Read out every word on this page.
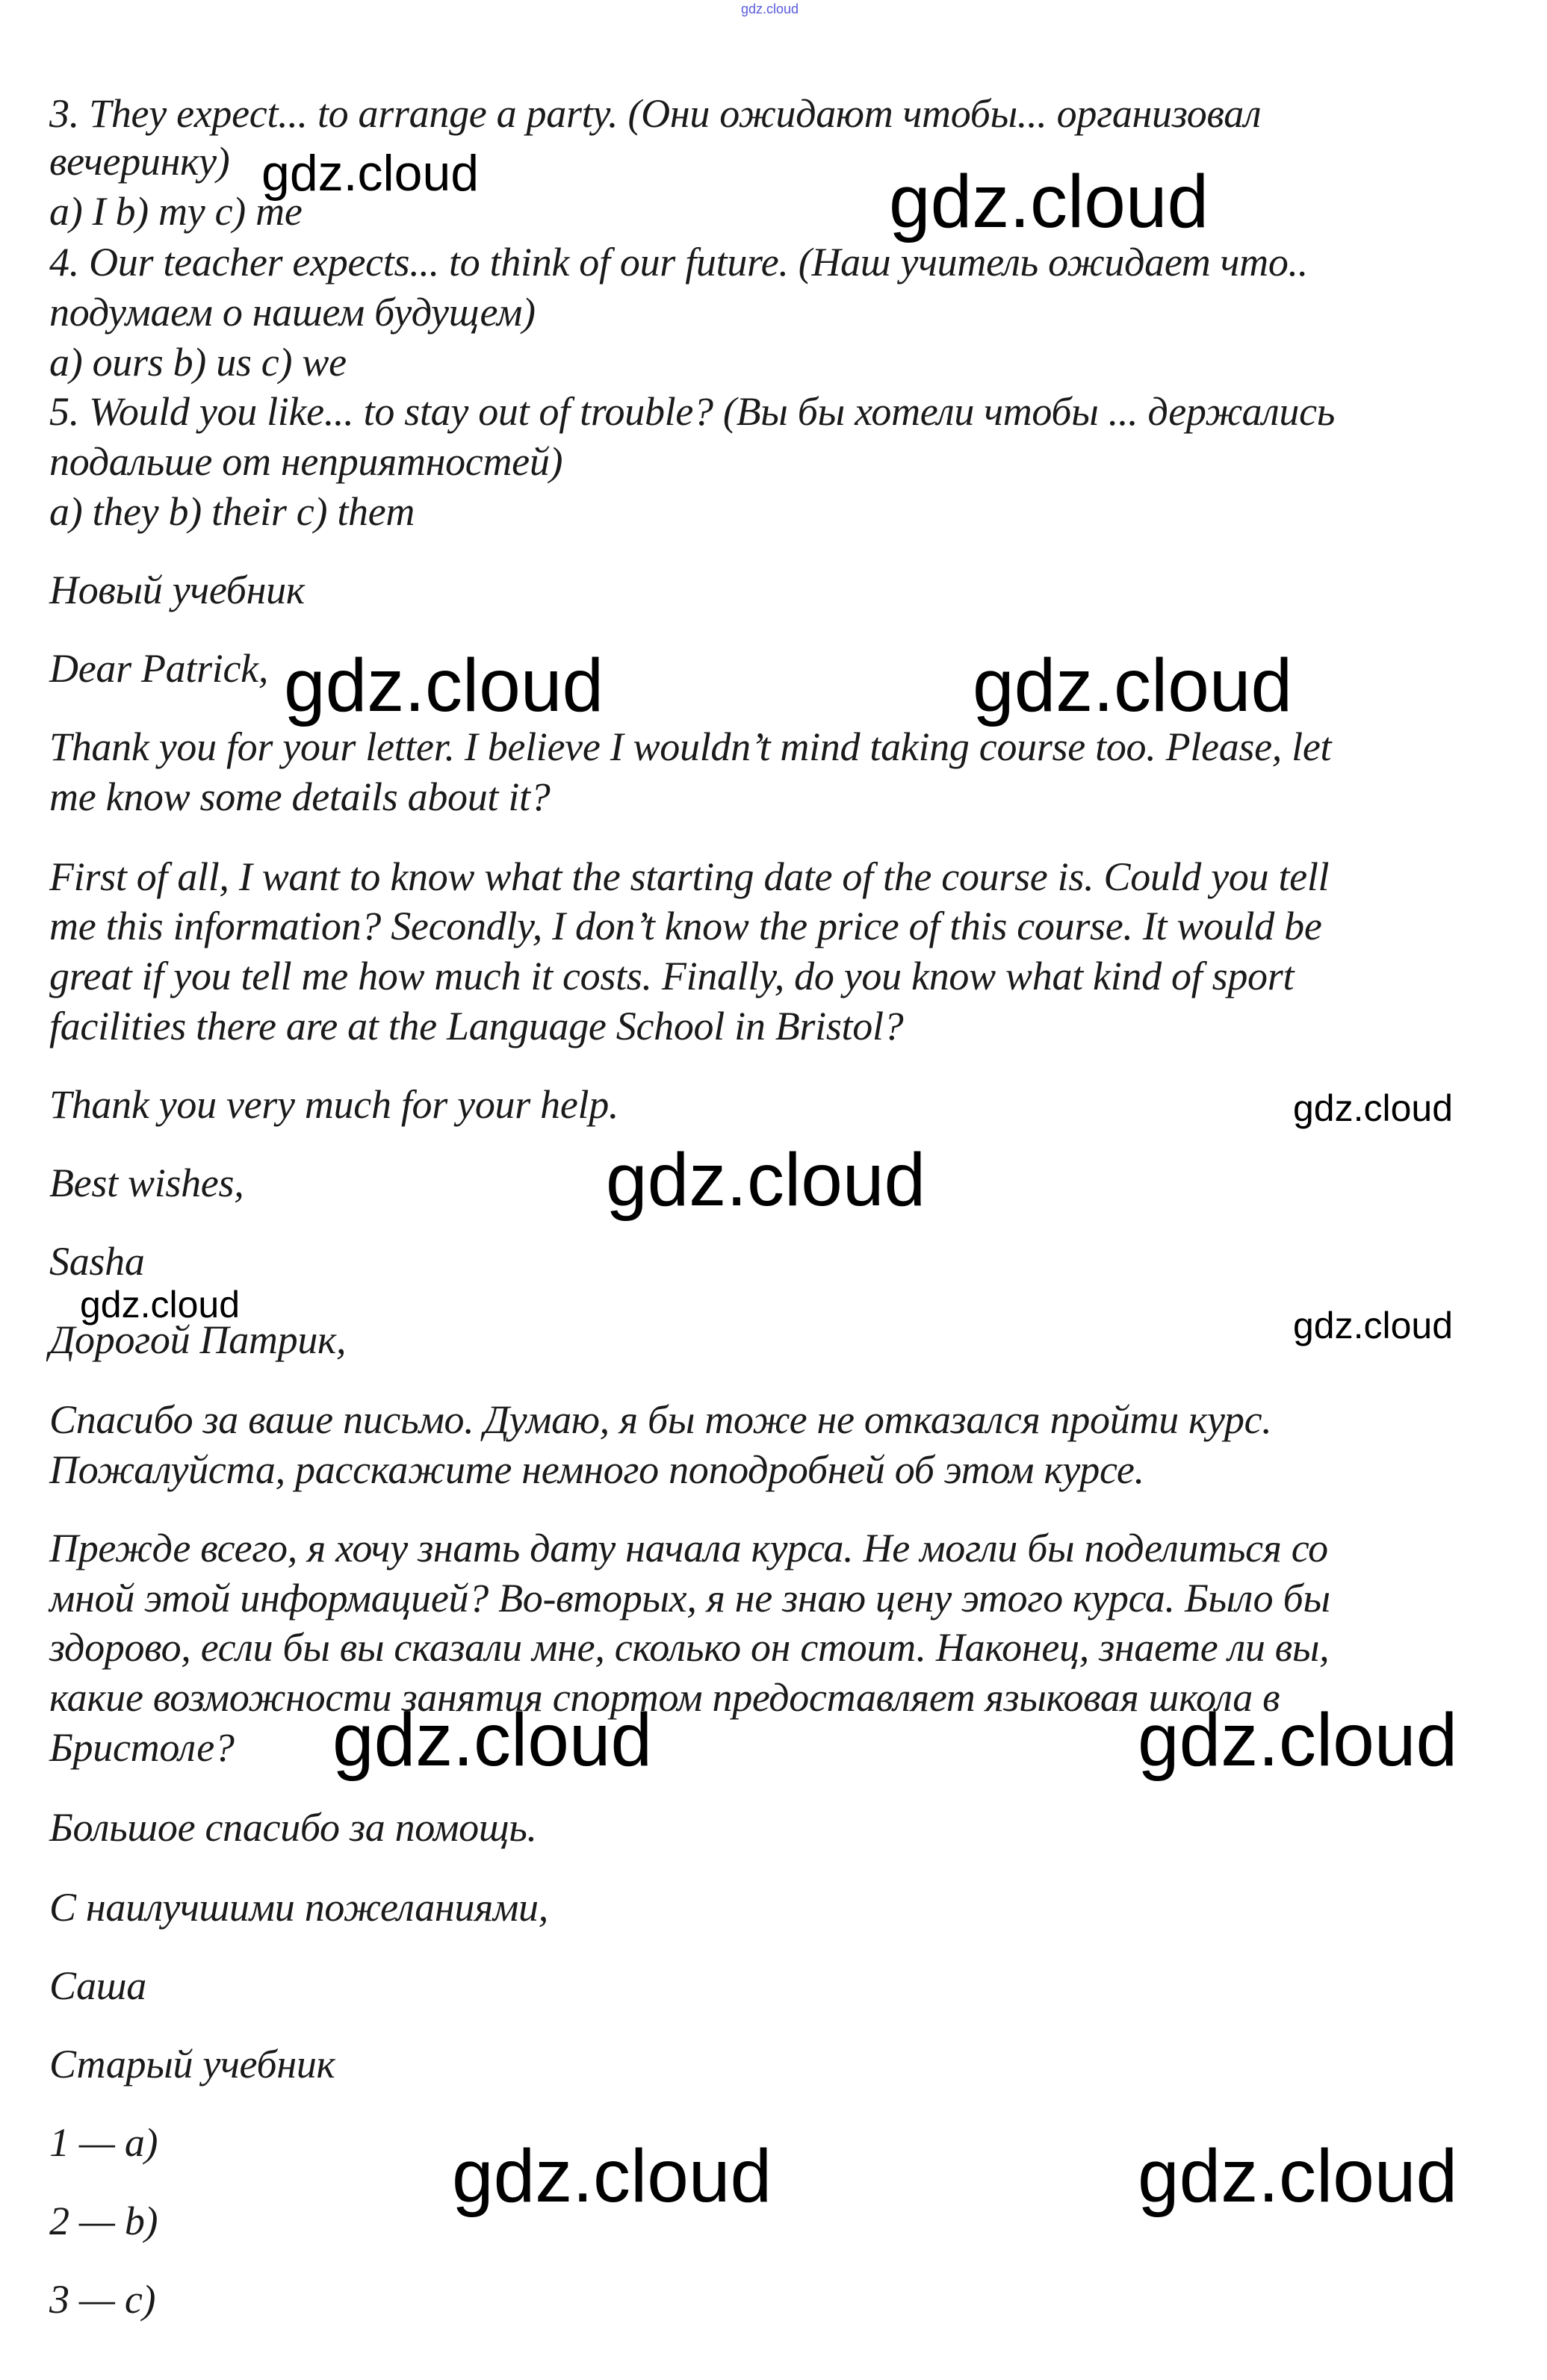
gdz.cloud
3. They expect... to arrange a party. (Они ожидают чтобы... организовал
вечеринку)
a) I b) my c) me
4. Our teacher expects... to think of our future. (Наш учитель ожидает что..
подумаем о нашем будущем)
a) ours b) us c) we
5. Would you like... to stay out of trouble? (Вы бы хотели чтобы ... держались
подальше от неприятностей)
a) they b) their c) them
Новый учебник
Dear Patrick,
Thank you for your letter. I believe I wouldn’t mind taking course too. Please, let
me know some details about it?
First of all, I want to know what the starting date of the course is. Could you tell
me this information? Secondly, I don’t know the price of this course. It would be
great if you tell me how much it costs. Finally, do you know what kind of sport
facilities there are at the Language School in Bristol?
Thank you very much for your help.
Best wishes,
Sasha
Дорогой Патрик,
Спасибо за ваше письмо. Думаю, я бы тоже не отказался пройти курс.
Пожалуйста, расскажите немного поподробней об этом курсе.
Прежде всего, я хочу знать дату начала курса. Не могли бы поделиться со
мной этой информацией? Во-вторых, я не знаю цену этого курса. Было бы
здорово, если бы вы сказали мне, сколько он стоит. Наконец, знаете ли вы,
какие возможности занятия спортом предоставляет языковая школа в
Бристоле?
Большое спасибо за помощь.
С наилучшими пожеланиями,
Саша
Старый учебник
1 — a)
2 — b)
3 — c)
gdz.cloud	gdz.cloud
gdz.cloud	gdz.cloud
gdz.cloud
gdz.cloud
gdz.cloud	gdz.cloud
gdz.cloud	gdz.cloud
gdz.cloud	gdz.cloud
